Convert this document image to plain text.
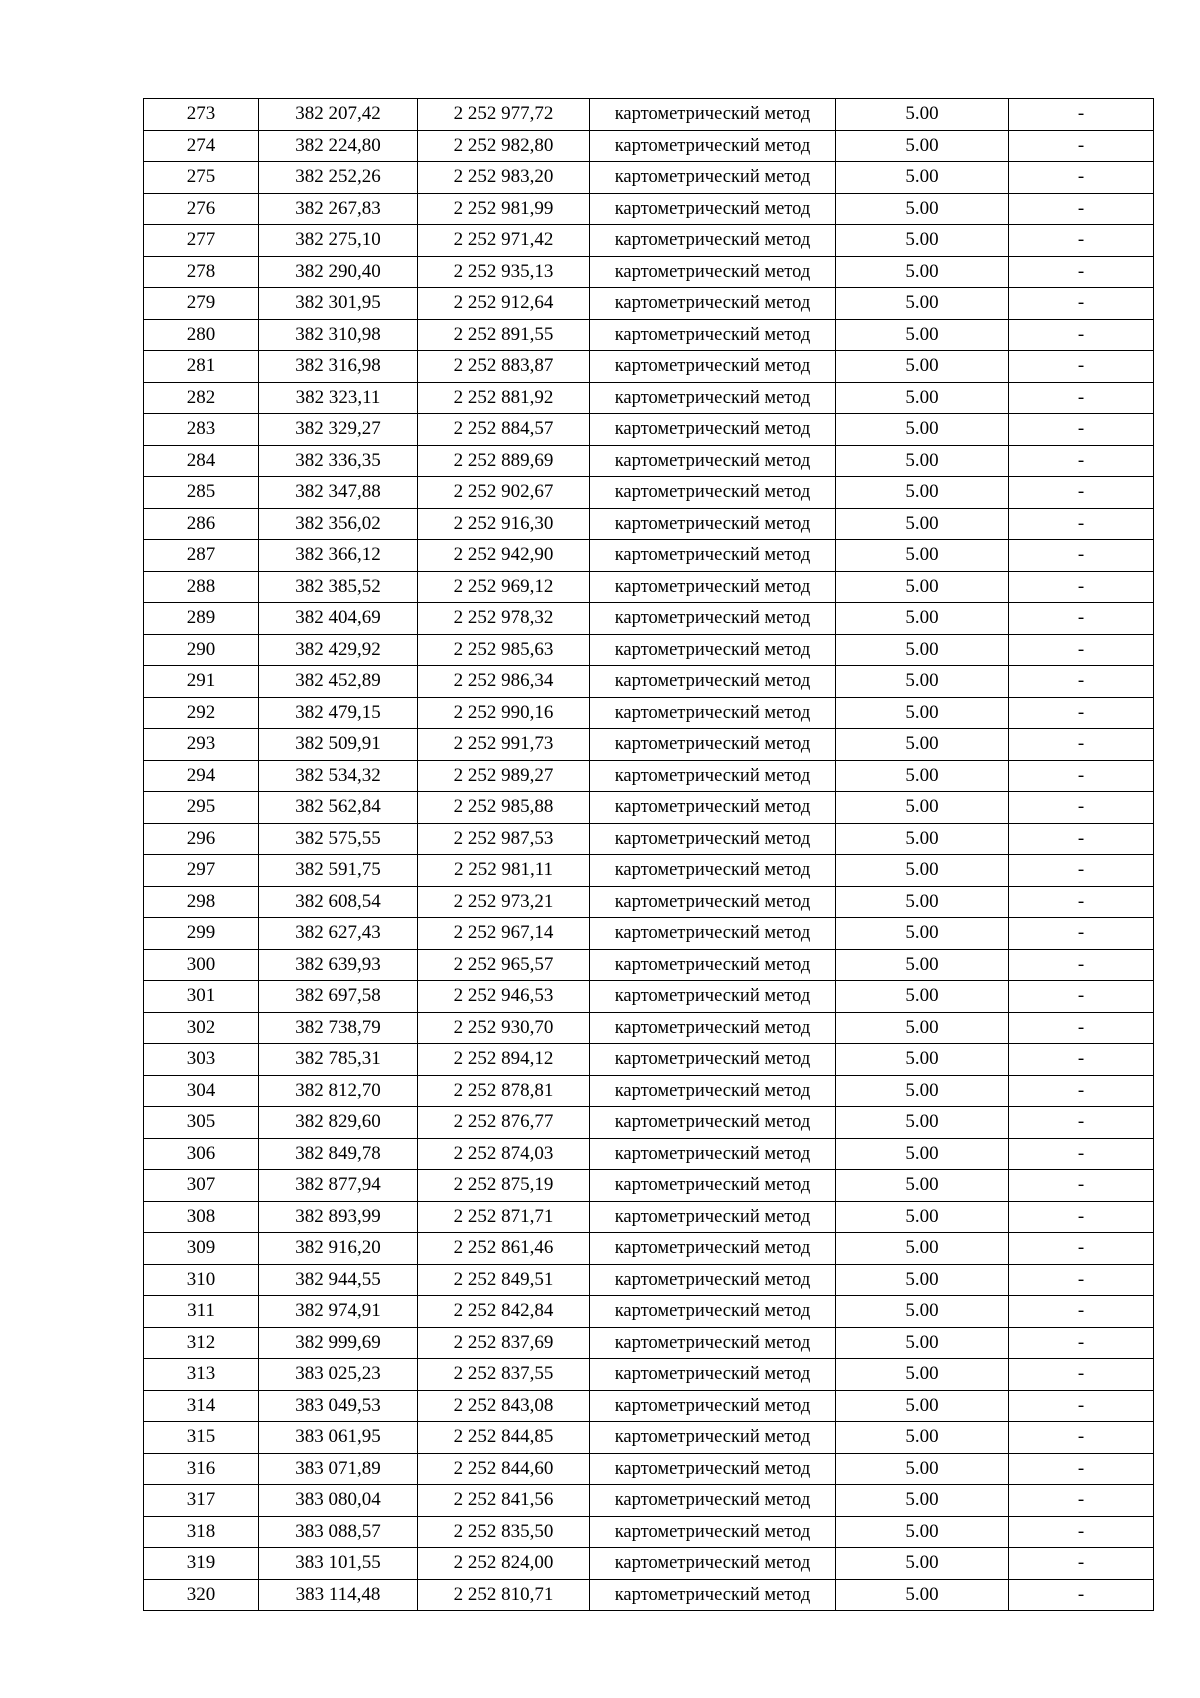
273	382 207,42	2 252 977,72	картометрический метод	5.00	-
274	382 224,80	2 252 982,80	картометрический метод	5.00	-
275	382 252,26	2 252 983,20	картометрический метод	5.00	-
276	382 267,83	2 252 981,99	картометрический метод	5.00	-
277	382 275,10	2 252 971,42	картометрический метод	5.00	-
278	382 290,40	2 252 935,13	картометрический метод	5.00	-
279	382 301,95	2 252 912,64	картометрический метод	5.00	-
280	382 310,98	2 252 891,55	картометрический метод	5.00	-
281	382 316,98	2 252 883,87	картометрический метод	5.00	-
282	382 323,11	2 252 881,92	картометрический метод	5.00	-
283	382 329,27	2 252 884,57	картометрический метод	5.00	-
284	382 336,35	2 252 889,69	картометрический метод	5.00	-
285	382 347,88	2 252 902,67	картометрический метод	5.00	-
286	382 356,02	2 252 916,30	картометрический метод	5.00	-
287	382 366,12	2 252 942,90	картометрический метод	5.00	-
288	382 385,52	2 252 969,12	картометрический метод	5.00	-
289	382 404,69	2 252 978,32	картометрический метод	5.00	-
290	382 429,92	2 252 985,63	картометрический метод	5.00	-
291	382 452,89	2 252 986,34	картометрический метод	5.00	-
292	382 479,15	2 252 990,16	картометрический метод	5.00	-
293	382 509,91	2 252 991,73	картометрический метод	5.00	-
294	382 534,32	2 252 989,27	картометрический метод	5.00	-
295	382 562,84	2 252 985,88	картометрический метод	5.00	-
296	382 575,55	2 252 987,53	картометрический метод	5.00	-
297	382 591,75	2 252 981,11	картометрический метод	5.00	-
298	382 608,54	2 252 973,21	картометрический метод	5.00	-
299	382 627,43	2 252 967,14	картометрический метод	5.00	-
300	382 639,93	2 252 965,57	картометрический метод	5.00	-
301	382 697,58	2 252 946,53	картометрический метод	5.00	-
302	382 738,79	2 252 930,70	картометрический метод	5.00	-
303	382 785,31	2 252 894,12	картометрический метод	5.00	-
304	382 812,70	2 252 878,81	картометрический метод	5.00	-
305	382 829,60	2 252 876,77	картометрический метод	5.00	-
306	382 849,78	2 252 874,03	картометрический метод	5.00	-
307	382 877,94	2 252 875,19	картометрический метод	5.00	-
308	382 893,99	2 252 871,71	картометрический метод	5.00	-
309	382 916,20	2 252 861,46	картометрический метод	5.00	-
310	382 944,55	2 252 849,51	картометрический метод	5.00	-
311	382 974,91	2 252 842,84	картометрический метод	5.00	-
312	382 999,69	2 252 837,69	картометрический метод	5.00	-
313	383 025,23	2 252 837,55	картометрический метод	5.00	-
314	383 049,53	2 252 843,08	картометрический метод	5.00	-
315	383 061,95	2 252 844,85	картометрический метод	5.00	-
316	383 071,89	2 252 844,60	картометрический метод	5.00	-
317	383 080,04	2 252 841,56	картометрический метод	5.00	-
318	383 088,57	2 252 835,50	картометрический метод	5.00	-
319	383 101,55	2 252 824,00	картометрический метод	5.00	-
320	383 114,48	2 252 810,71	картометрический метод	5.00	-
